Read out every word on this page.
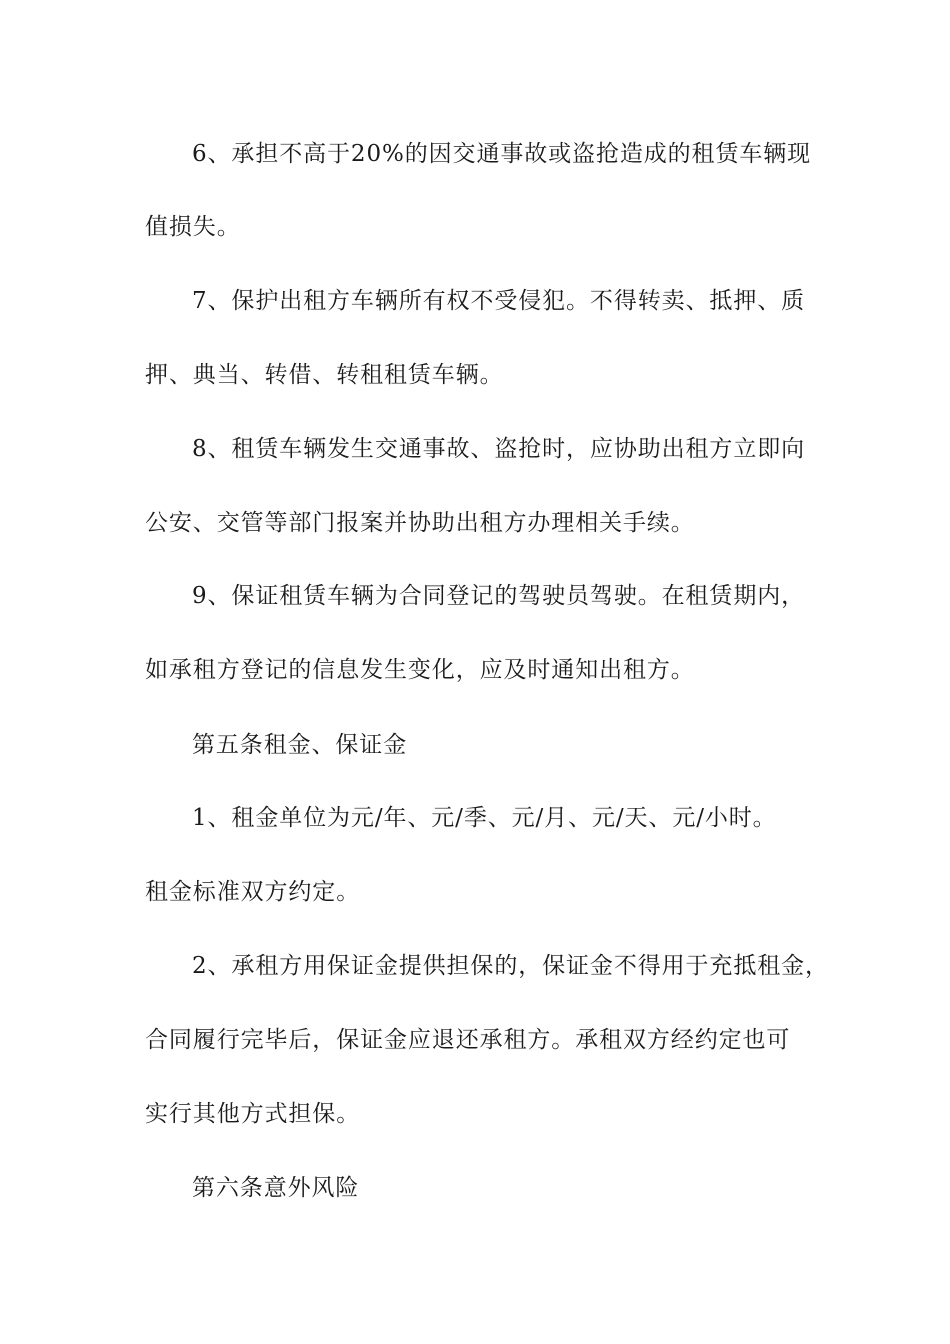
6、承担不高于20%的因交通事故或盗抢造成的租赁车辆现
值损失。
7、保护出租方车辆所有权不受侵犯。不得转卖、抵押、质
押、典当、转借、转租租赁车辆。
8、租赁车辆发生交通事故、盗抢时，应协助出租方立即向
公安、交管等部门报案并协助出租方办理相关手续。
9、保证租赁车辆为合同登记的驾驶员驾驶。在租赁期内，
如承租方登记的信息发生变化，应及时通知出租方。
第五条租金、保证金
1、租金单位为元/年、元/季、元/月、元/天、元/小时。
租金标准双方约定。
2、承租方用保证金提供担保的，保证金不得用于充抵租金，
合同履行完毕后，保证金应退还承租方。承租双方经约定也可
实行其他方式担保。
第六条意外风险
